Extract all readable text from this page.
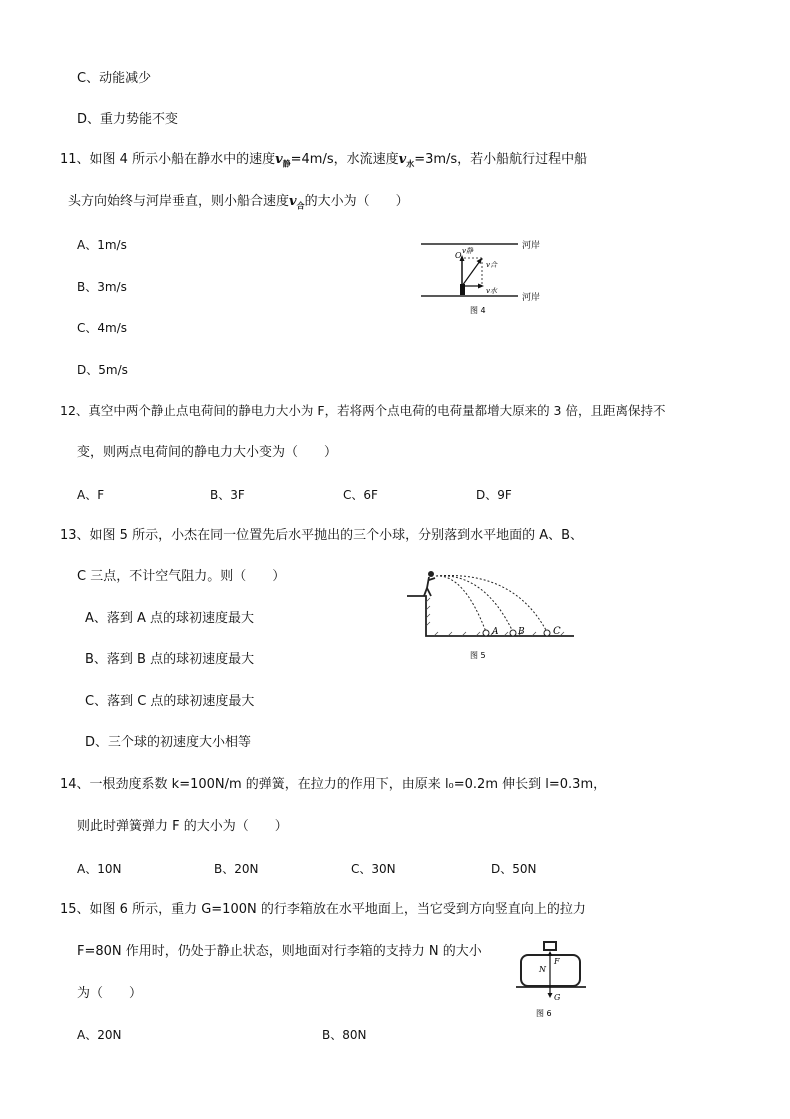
C、动能减少
D、重力势能不变
11、如图 4 所示小船在静水中的速度$v_静=4m/s$，水流速度$v_水=3m/s$，若小船航行过程中船
头方向始终与河岸垂直，则小船合速度$v_合$的大小为（　　）
A、1m/s
B、3m/s
C、4m/s
D、5m/s
河岸
河岸
O
v合
v静
v水
图 4
12、真空中两个静止点电荷间的静电力大小为 F，若将两个点电荷的电荷量都增大原来的 3 倍，且距离保持不
变，则两点电荷间的静电力大小变为（　　）
A、F	B、3F	C、6F	D、9F
13、如图 5 所示，小杰在同一位置先后水平抛出的三个小球，分别落到水平地面的 A、B、
C 三点，不计空气阻力。则（　　）
A、落到 A 点的球初速度最大
B、落到 B 点的球初速度最大
C、落到 C 点的球初速度最大
D、三个球的初速度大小相等
A B	C
图 5
14、一根劲度系数 k=100N/m 的弹簧，在拉力的作用下，由原来 l₀=0.2m 伸长到 l=0.3m，
则此时弹簧弹力 F 的大小为（　　）
A、10N	B、20N	C、30N	D、50N
15、如图 6 所示，重力 G=100N 的行李箱放在水平地面上，当它受到方向竖直向上的拉力
F=80N 作用时，仍处于静止状态，则地面对行李箱的支持力 N 的大小
为（　　）
A、20N	B、80N
F
N
G
图 6
